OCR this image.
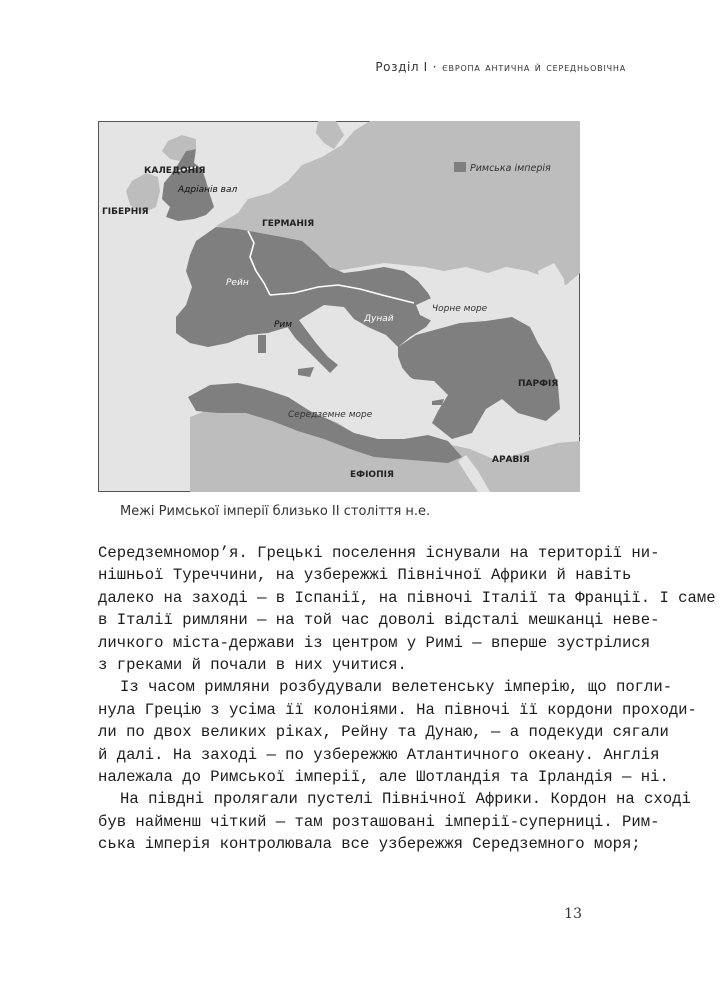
Розділ I · європа антична й середньовічна
Римська імперія
КАЛЕДОНІЯ
Адріанів вал
ГІБЕРНІЯ
ГЕРМАНІЯ
Рейн
Рим
Дунай
Чорне море
ПАРФІЯ
Середземне море
АРАВІЯ
ЕФІОПІЯ
Межі Римської імперії близько ІІ століття н.е.
Середземномор’я. Грецькі поселення існували на території ни-
нішньої Туреччини, на узбережжі Північної Африки й навіть
далеко на заході — в Іспанії, на півночі Італії та Франції. І саме
в Італії римляни — на той час доволі відсталі мешканці неве-
личкого міста-держави із центром у Римі — вперше зустрілися
з греками й почали в них учитися.
Із часом римляни розбудували велетенську імперію, що погли-
нула Грецію з усіма її колоніями. На півночі її кордони проходи-
ли по двох великих ріках, Рейну та Дунаю, — а подекуди сягали
й далі. На заході — по узбережжю Атлантичного океану. Англія
належала до Римської імперії, але Шотландія та Ірландія — ні.
На півдні пролягали пустелі Північної Африки. Кордон на сході
був найменш чіткий — там розташовані імперії-суперниці. Рим-
ська імперія контролювала все узбережжя Середземного моря;
13
